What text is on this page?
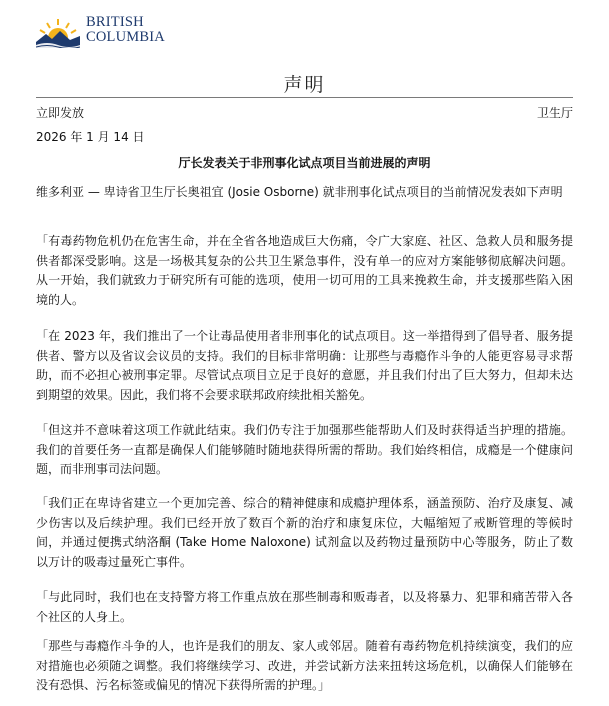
BRITISH
COLUMBIA
声明
立即发放
2026 年 1 月 14 日
卫生厅
厅长发表关于非刑事化试点项目当前进展的声明
维多利亚 — 卑诗省卫生厅长奥祖宜 (Josie Osborne) 就非刑事化试点项目的当前情况发表如下声明
「有毒药物危机仍在危害生命，并在全省各地造成巨大伤痛，令广大家庭、社区、急救人员和服务提供者都深受影响。这是一场极其复杂的公共卫生紧急事件，没有单一的应对方案能够彻底解决问题。从一开始，我们就致力于研究所有可能的选项，使用一切可用的工具来挽救生命，并支援那些陷入困境的人。
「在 2023 年，我们推出了一个让毒品使用者非刑事化的试点项目。这一举措得到了倡导者、服务提供者、警方以及省议会议员的支持。我们的目标非常明确：让那些与毒瘾作斗争的人能更容易寻求帮助，而不必担心被刑事定罪。尽管试点项目立足于良好的意愿，并且我们付出了巨大努力，但却未达到期望的效果。因此，我们将不会要求联邦政府续批相关豁免。
「但这并不意味着这项工作就此结束。我们仍专注于加强那些能帮助人们及时获得适当护理的措施。我们的首要任务一直都是确保人们能够随时随地获得所需的帮助。我们始终相信，成瘾是一个健康问题，而非刑事司法问题。
「我们正在卑诗省建立一个更加完善、综合的精神健康和成瘾护理体系，涵盖预防、治疗及康复、减少伤害以及后续护理。我们已经开放了数百个新的治疗和康复床位，大幅缩短了戒断管理的等候时间，并通过便携式纳洛酮 (Take Home Naloxone) 试剂盒以及药物过量预防中心等服务，防止了数以万计的吸毒过量死亡事件。
「与此同时，我们也在支持警方将工作重点放在那些制毒和贩毒者，以及将暴力、犯罪和痛苦带入各个社区的人身上。
「那些与毒瘾作斗争的人，也许是我们的朋友、家人或邻居。随着有毒药物危机持续演变，我们的应对措施也必须随之调整。我们将继续学习、改进，并尝试新方法来扭转这场危机，以确保人们能够在没有恐惧、污名标签或偏见的情况下获得所需的护理。」
